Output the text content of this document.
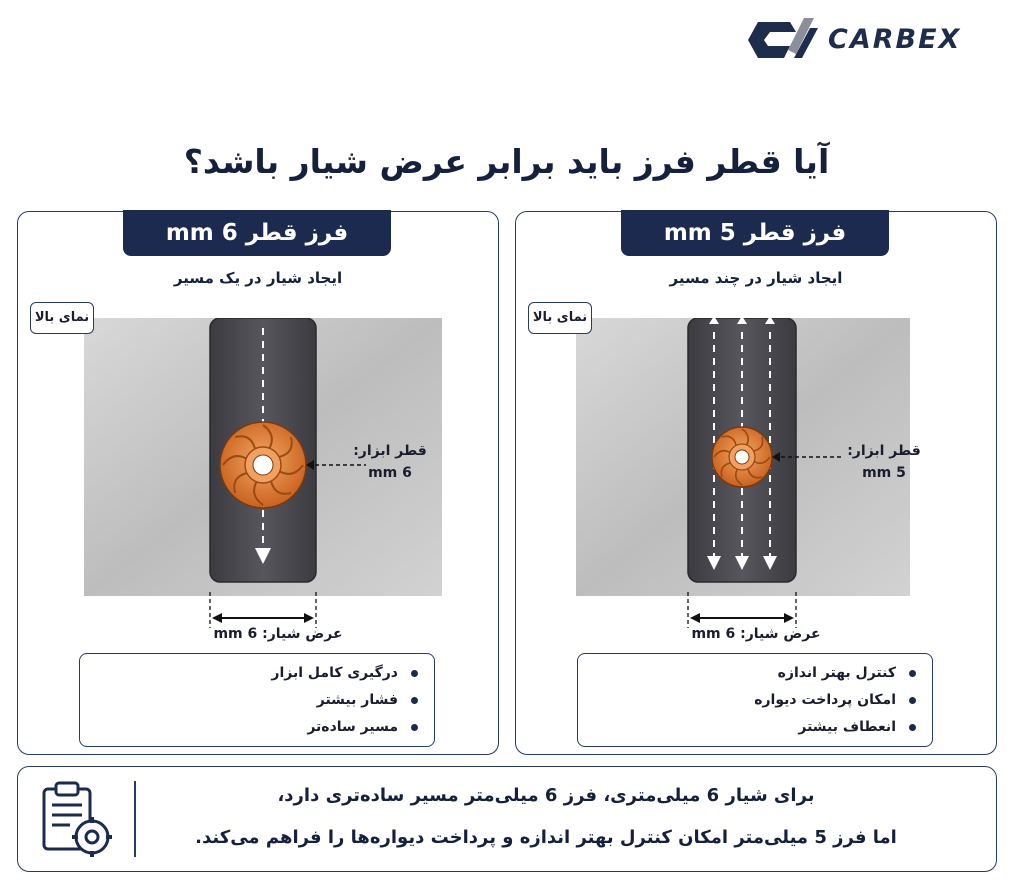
CARBEX
آیا قطر فرز باید برابر عرض شیار باشد؟
فرز قطر 6 mm
ایجاد شیار در یک مسیر
نمای بالا
قطر ابزار:
6 mm
عرض شیار: 6 mm
درگیری کامل ابزار
فشار بیشتر
مسیر ساده‌تر
فرز قطر 5 mm
ایجاد شیار در چند مسیر
نمای بالا
قطر ابزار:
5 mm
عرض شیار: 6 mm
کنترل بهتر اندازه
امکان پرداخت دیواره
انعطاف بیشتر
برای شیار 6 میلی‌متری، فرز 6 میلی‌متر مسیر ساده‌تری دارد،
اما فرز 5 میلی‌متر امکان کنترل بهتر اندازه و پرداخت دیواره‌ها را فراهم می‌کند.
